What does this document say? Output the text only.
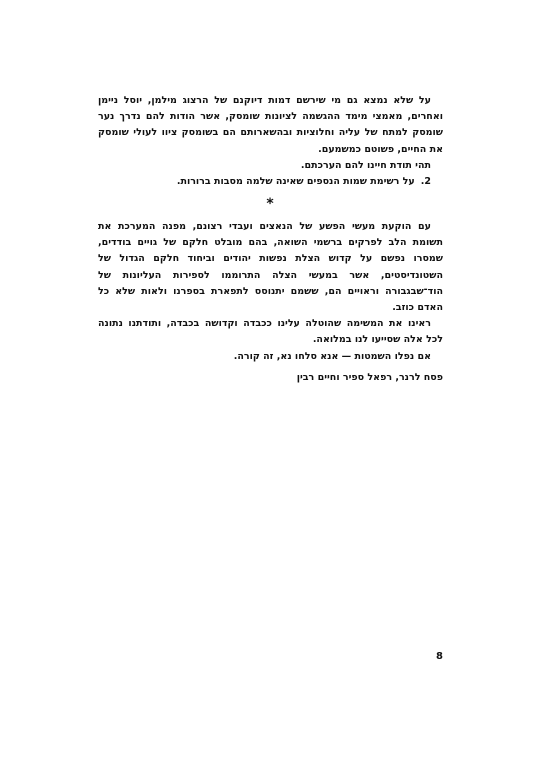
על שלא נמצא גם מי שירשם דמות דיוקנם של הרצוג מילמן, יוסל ניימן ואחרים, מאמצי מימד ההגשמה לציונות שומסק, אשר הודות להם נדרך נער שומסק למתח של עליה וחלוציות ובהשארותם הם בשומסק ציוו לעולי שומסק את החיים, פשוטם כמשמעם.

תהי תודת חיינו להם הערכתם.

2.על רשימת שמות הנספים שאינה שלמה מסבות ברורות.

*

עם הוקעת מעשי הפשע של הנאצים ועבדי רצונם, מפנה המערכת את תשומת הלב לפרקים ברשמי השואה, בהם מובלט חלקם של גויים בודדים, שמסרו נפשם על קדוש הצלת נפשות יהודים וביחוד חלקם הגדול של השטונדיסטים, אשר במעשי הצלה התרוממו לספירות העליונות של הוד־שבגבורה וראויים הם, ששמם יתנוסס לתפארת בספרנו ולאות שלא כל האדם כוזב.

ראינו את המשימה שהוטלה עלינו ככבדה וקדושה בכבדה, ותודתנו נתונה לכל אלה שסייעו לנו במלואה.

אם נפלו השמטות — אנא סלחו נא, זה קורה.

פסח לרנר, רפאל ספיר וחיים רבין
8
